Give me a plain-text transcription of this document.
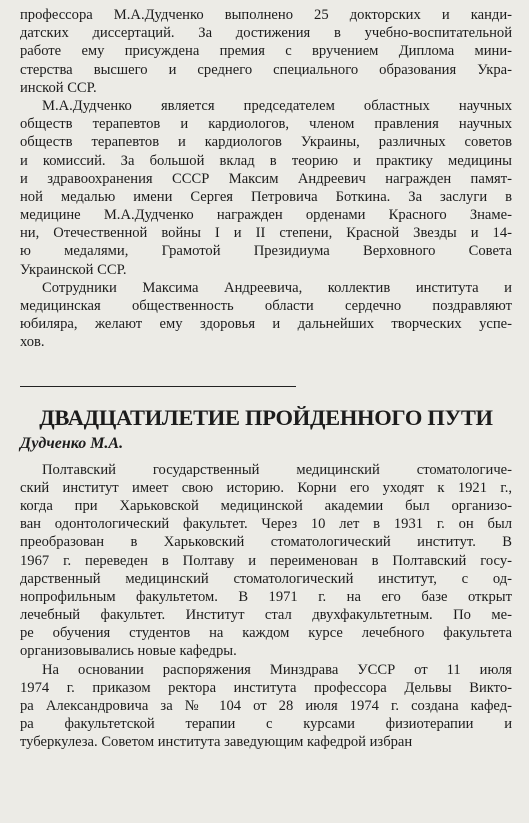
профессора М.А.Дудченко выполнено 25 докторских и канди-
датских диссертаций. За достижения в учебно-воспитательной
работе ему присуждена премия с вручением Диплома мини-
стерства высшего и среднего специального образования Укра-
инской ССР.
М.А.Дудченко является председателем областных научных
обществ терапевтов и кардиологов, членом правления научных
обществ терапевтов и кардиологов Украины, различных советов
и комиссий. За большой вклад в теорию и практику медицины
и здравоохранения СССР Максим Андреевич награжден памят-
ной медалью имени Сергея Петровича Боткина. За заслуги в
медицине М.А.Дудченко награжден орденами Красного Знаме-
ни, Отечественной войны I и II степени, Красной Звезды и 14-
ю медалями, Грамотой Президиума Верховного Совета
Украинской ССР.
Сотрудники Максима Андреевича, коллектив института и
медицинская общественность области сердечно поздравляют
юбиляра, желают ему здоровья и дальнейших творческих успе-
хов.
ДВАДЦАТИЛЕТИЕ ПРОЙДЕННОГО ПУТИ
Дудченко М.А.
Полтавский государственный медицинский стоматологиче-
ский институт имеет свою историю. Корни его уходят к 1921 г.,
когда при Харьковской медицинской академии был организо-
ван одонтологический факультет. Через 10 лет в 1931 г. он был
преобразован в Харьковский стоматологический институт. В
1967 г. переведен в Полтаву и переименован в Полтавский госу-
дарственный медицинский стоматологический институт, с од-
нопрофильным факультетом. В 1971 г. на его базе открыт
лечебный факультет. Институт стал двухфакультетным. По ме-
ре обучения студентов на каждом курсе лечебного факультета
организовывались новые кафедры.
На основании распоряжения Минздрава УССР от 11 июля
1974 г. приказом ректора института профессора Дельвы Викто-
ра Александровича за № 104 от 28 июля 1974 г. создана кафед-
ра факультетской терапии с курсами физиотерапии и
туберкулеза. Советом института заведующим кафедрой избран
